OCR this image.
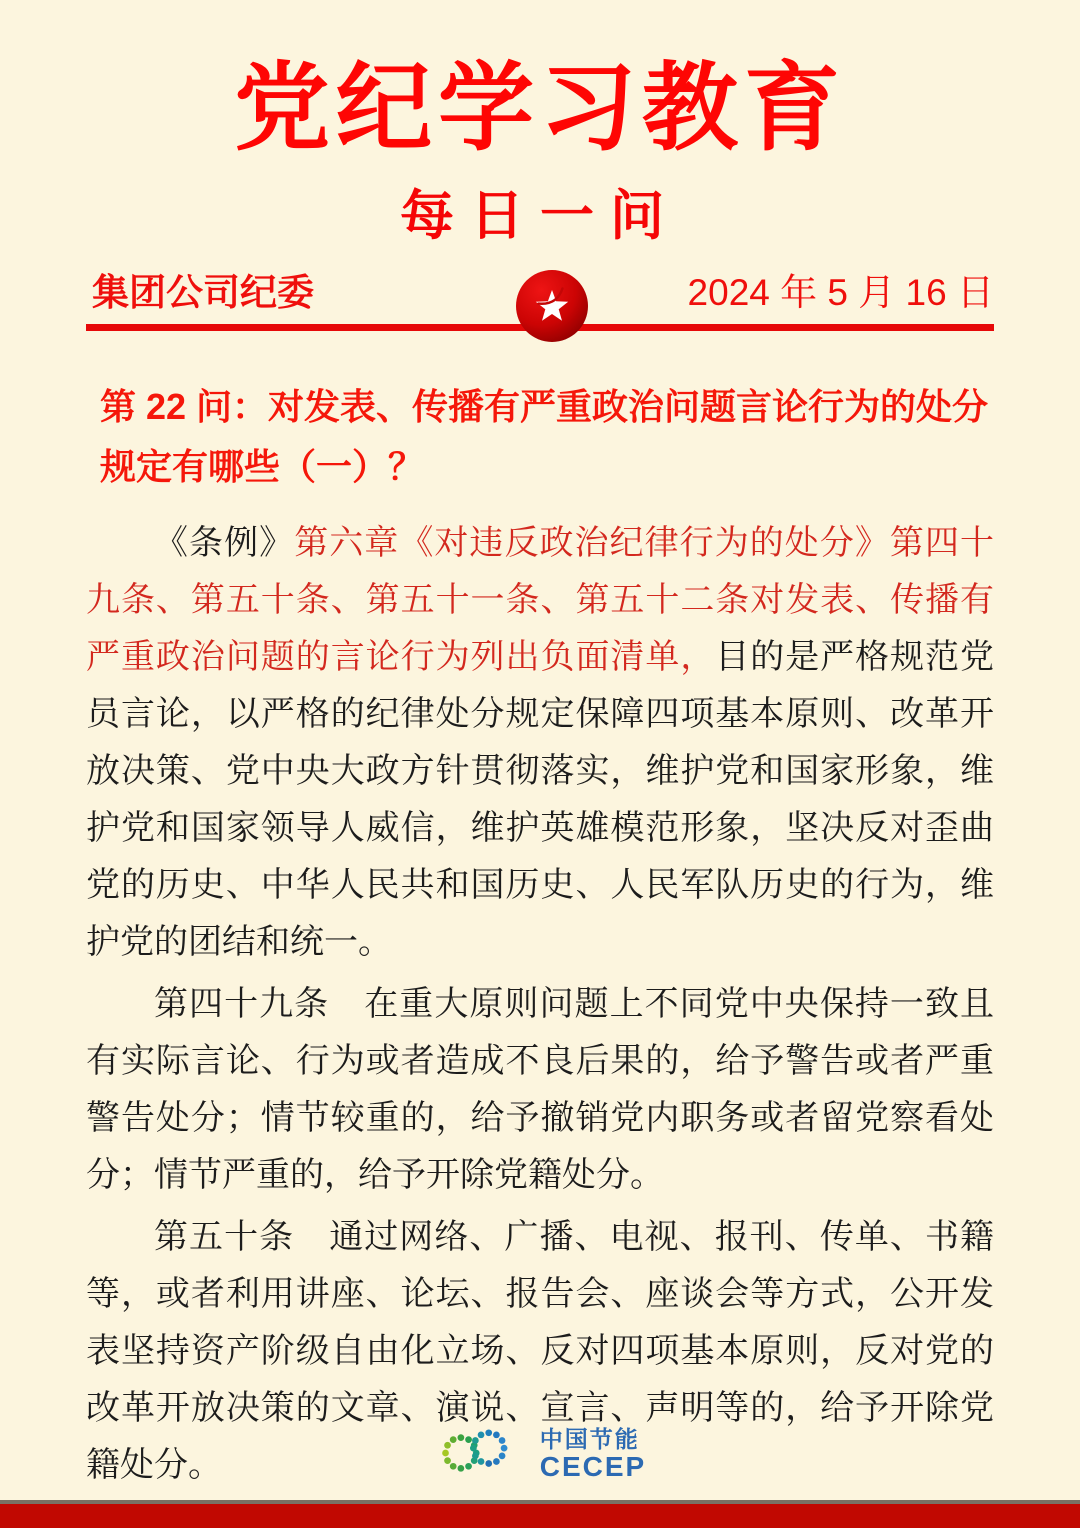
党纪学习教育
每日一问
集团公司纪委	2024 年 5 月 16 日
第 22 问：对发表、传播有严重政治问题言论行为的处分规定有哪些（一）？

《条例》第六章《对违反政治纪律行为的处分》第四十九条、第五十条、第五十一条、第五十二条对发表、传播有严重政治问题的言论行为列出负面清单，目的是严格规范党员言论，以严格的纪律处分规定保障四项基本原则、改革开放决策、党中央大政方针贯彻落实，维护党和国家形象，维护党和国家领导人威信，维护英雄模范形象，坚决反对歪曲党的历史、中华人民共和国历史、人民军队历史的行为，维护党的团结和统一。

第四十九条　在重大原则问题上不同党中央保持一致且有实际言论、行为或者造成不良后果的，给予警告或者严重警告处分；情节较重的，给予撤销党内职务或者留党察看处分；情节严重的，给予开除党籍处分。

第五十条　通过网络、广播、电视、报刊、传单、书籍等，或者利用讲座、论坛、报告会、座谈会等方式，公开发表坚持资产阶级自由化立场、反对四项基本原则，反对党的改革开放决策的文章、演说、宣言、声明等的，给予开除党籍处分。

中国节能
CECEP
